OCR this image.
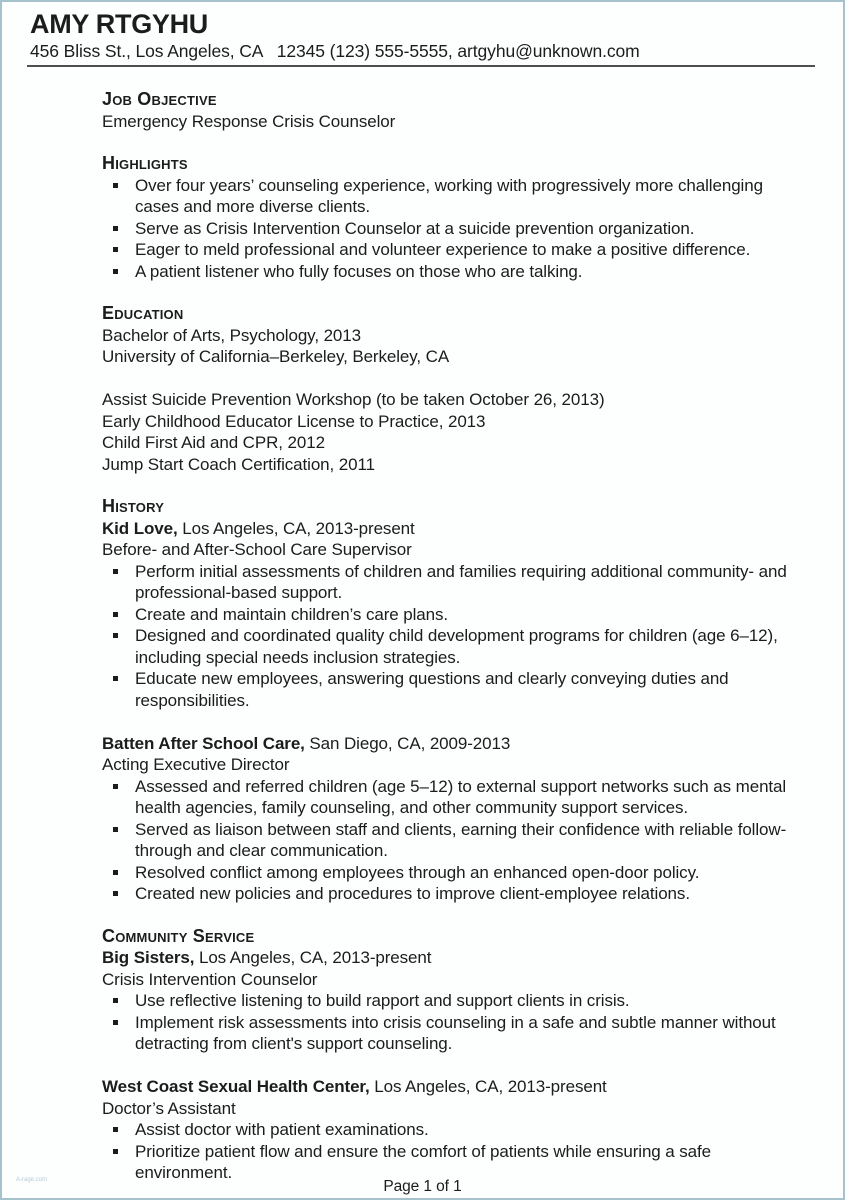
AMY RTGYHU
456 Bliss St., Los Angeles, CA   12345 (123) 555-5555, artgyhu@unknown.com
Job Objective

Emergency Response Crisis Counselor

Highlights
Over four years’ counseling experience, working with progressively more challenging cases and more diverse clients.
Serve as Crisis Intervention Counselor at a suicide prevention organization.
Eager to meld professional and volunteer experience to make a positive difference.
A patient listener who fully focuses on those who are talking.
Education

Bachelor of Arts, Psychology, 2013

University of California–Berkeley, Berkeley, CA

Assist Suicide Prevention Workshop (to be taken October 26, 2013)

Early Childhood Educator License to Practice, 2013

Child First Aid and CPR, 2012

Jump Start Coach Certification, 2011

History

Kid Love, Los Angeles, CA, 2013-present

Before- and After-School Care Supervisor

Perform initial assessments of children and families requiring additional community- and professional-based support.
Create and maintain children’s care plans.
Designed and coordinated quality child development programs for children (age 6–12), including special needs inclusion strategies.
Educate new employees, answering questions and clearly conveying duties and responsibilities.

Batten After School Care, San Diego, CA, 2009-2013

Acting Executive Director

Assessed and referred children (age 5–12) to external support networks such as mental health agencies, family counseling, and other community support services.
Served as liaison between staff and clients, earning their confidence with reliable follow-through and clear communication.
Resolved conflict among employees through an enhanced open-door policy.
Created new policies and procedures to improve client-employee relations.
Community Service

Big Sisters, Los Angeles, CA, 2013-present

Crisis Intervention Counselor

Use reflective listening to build rapport and support clients in crisis.
Implement risk assessments into crisis counseling in a safe and subtle manner without detracting from client's support counseling.

West Coast Sexual Health Center, Los Angeles, CA, 2013-present

Doctor’s Assistant

Assist doctor with patient examinations.
Prioritize patient flow and ensure the comfort of patients while ensuring a safe environment.
A-rage.com	Page 1 of 1
